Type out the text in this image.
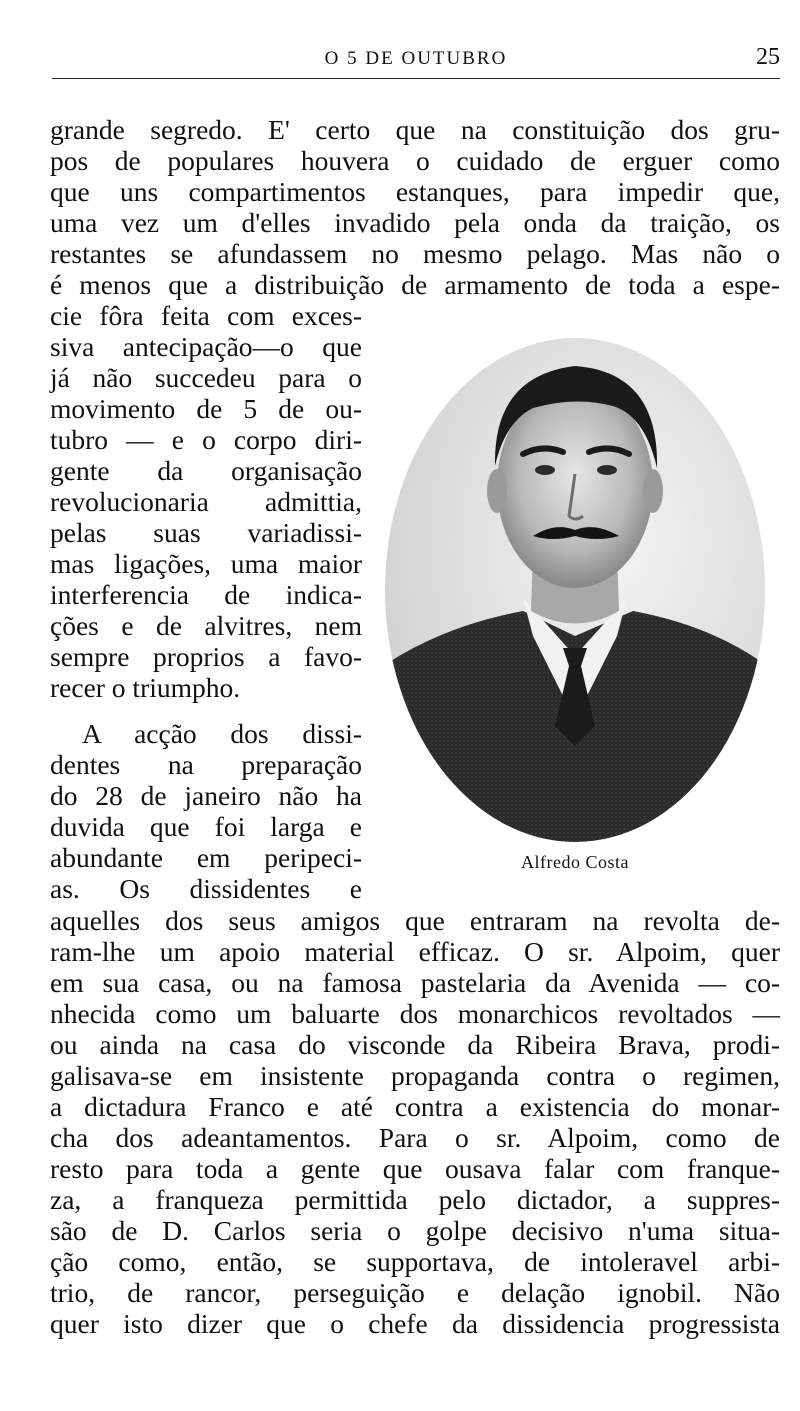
O 5 DE OUTUBRO	25
grande segredo. E' certo que na constituição dos gru-
pos de populares houvera o cuidado de erguer como
que uns compartimentos estanques, para impedir que,
uma vez um d'elles invadido pela onda da traição, os
restantes se afundassem no mesmo pelago. Mas não o
é menos que a distribuição de armamento de toda a espe-
cie fôra feita com exces-
siva antecipação—o que
já não succedeu para o
movimento de 5 de ou-
tubro — e o corpo diri-
gente da organisação
revolucionaria admittia,
pelas suas variadissi-
mas ligações, uma maior
interferencia de indica-
ções e de alvitres, nem
sempre proprios a favo-
recer o triumpho.
A acção dos dissi-
dentes na preparação
do 28 de janeiro não ha
duvida que foi larga e
abundante em peripeci-
as. Os dissidentes e
Alfredo Costa
aquelles dos seus amigos que entraram na revolta de-
ram-lhe um apoio material efficaz. O sr. Alpoim, quer
em sua casa, ou na famosa pastelaria da Avenida — co-
nhecida como um baluarte dos monarchicos revoltados —
ou ainda na casa do visconde da Ribeira Brava, prodi-
galisava-se em insistente propaganda contra o regimen,
a dictadura Franco e até contra a existencia do monar-
cha dos adeantamentos. Para o sr. Alpoim, como de
resto para toda a gente que ousava falar com franque-
za, a franqueza permittida pelo dictador, a suppres-
são de D. Carlos seria o golpe decisivo n'uma situa-
ção como, então, se supportava, de intoleravel arbi-
trio, de rancor, perseguição e delação ignobil. Não
quer isto dizer que o chefe da dissidencia progressista
